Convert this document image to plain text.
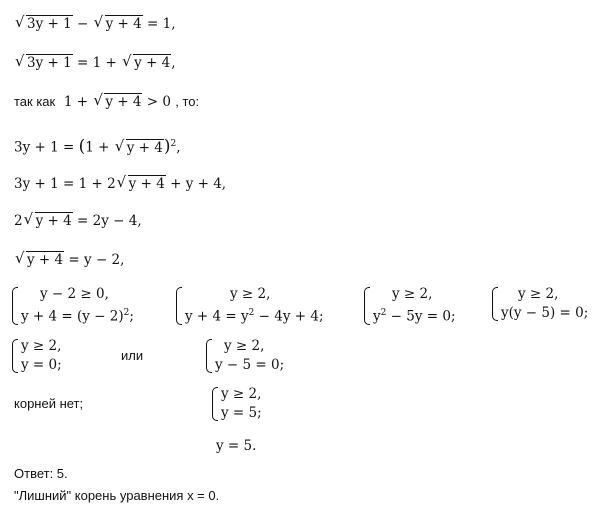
√ 3y + 1 − √ y + 4 = 1,
√ 3y + 1 = 1 + √ y + 4,
так как 1 + √ y + 4 > 0 , то:
3y + 1 = (1 + √ y + 4)$^2$,
3y + 1 = 1 + 2 √ y + 4 + y + 4,
2 √ y + 4 = 2y − 4,
√ y + 4 = y − 2,
y − 2 ≥ 0,
$y + 4 = (y - 2)^2$;
y ≥ 2,
$y + 4 = y^2 - 4y + 4$;
y ≥ 2,
$y^2 - 5y = 0$;
y ≥ 2,
y(y − 5) = 0;
y ≥ 2,
y = 0;
или
y ≥ 2,
y − 5 = 0;
корней нет;
y ≥ 2,
y = 5;
y = 5.
Ответ: 5.
"Лишний" корень уравнения x = 0.
